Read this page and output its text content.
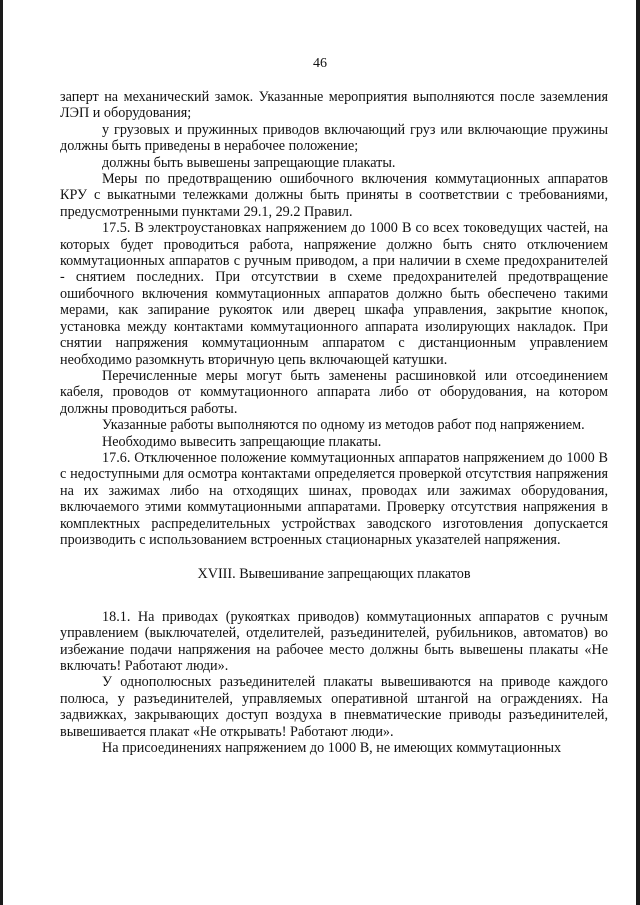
46

заперт на механический замок. Указанные мероприятия выполняются после заземления ЛЭП и оборудования;

у грузовых и пружинных приводов включающий груз или включающие пружины должны быть приведены в нерабочее положение;

должны быть вывешены запрещающие плакаты.

Меры по предотвращению ошибочного включения коммутационных аппаратов КРУ с выкатными тележками должны быть приняты в соответствии с требованиями, предусмотренными пунктами 29.1, 29.2 Правил.

17.5. В электроустановках напряжением до 1000 В со всех токоведущих частей, на которых будет проводиться работа, напряжение должно быть снято отключением коммутационных аппаратов с ручным приводом, а при наличии в схеме предохранителей - снятием последних. При отсутствии в схеме предохранителей предотвращение ошибочного включения коммутационных аппаратов должно быть обеспечено такими мерами, как запирание рукояток или дверец шкафа управления, закрытие кнопок, установка между контактами коммутационного аппарата изолирующих накладок. При снятии напряжения коммутационным аппаратом с дистанционным управлением необходимо разомкнуть вторичную цепь включающей катушки.

Перечисленные меры могут быть заменены расшиновкой или отсоединением кабеля, проводов от коммутационного аппарата либо от оборудования, на котором должны проводиться работы.

Указанные работы выполняются по одному из методов работ под напряжением.

Необходимо вывесить запрещающие плакаты.

17.6. Отключенное положение коммутационных аппаратов напряжением до 1000 В с недоступными для осмотра контактами определяется проверкой отсутствия напряжения на их зажимах либо на отходящих шинах, проводах или зажимах оборудования, включаемого этими коммутационными аппаратами. Проверку отсутствия напряжения в комплектных распределительных устройствах заводского изготовления допускается производить с использованием встроенных стационарных указателей напряжения.

XVIII. Вывешивание запрещающих плакатов

18.1. На приводах (рукоятках приводов) коммутационных аппаратов с ручным управлением (выключателей, отделителей, разъединителей, рубильников, автоматов) во избежание подачи напряжения на рабочее место должны быть вывешены плакаты «Не включать! Работают люди».

У однополюсных разъединителей плакаты вывешиваются на приводе каждого полюса, у разъединителей, управляемых оперативной штангой на ограждениях. На задвижках, закрывающих доступ воздуха в пневматические приводы разъединителей, вывешивается плакат «Не открывать! Работают люди».

На присоединениях напряжением до 1000 В, не имеющих коммутационных
